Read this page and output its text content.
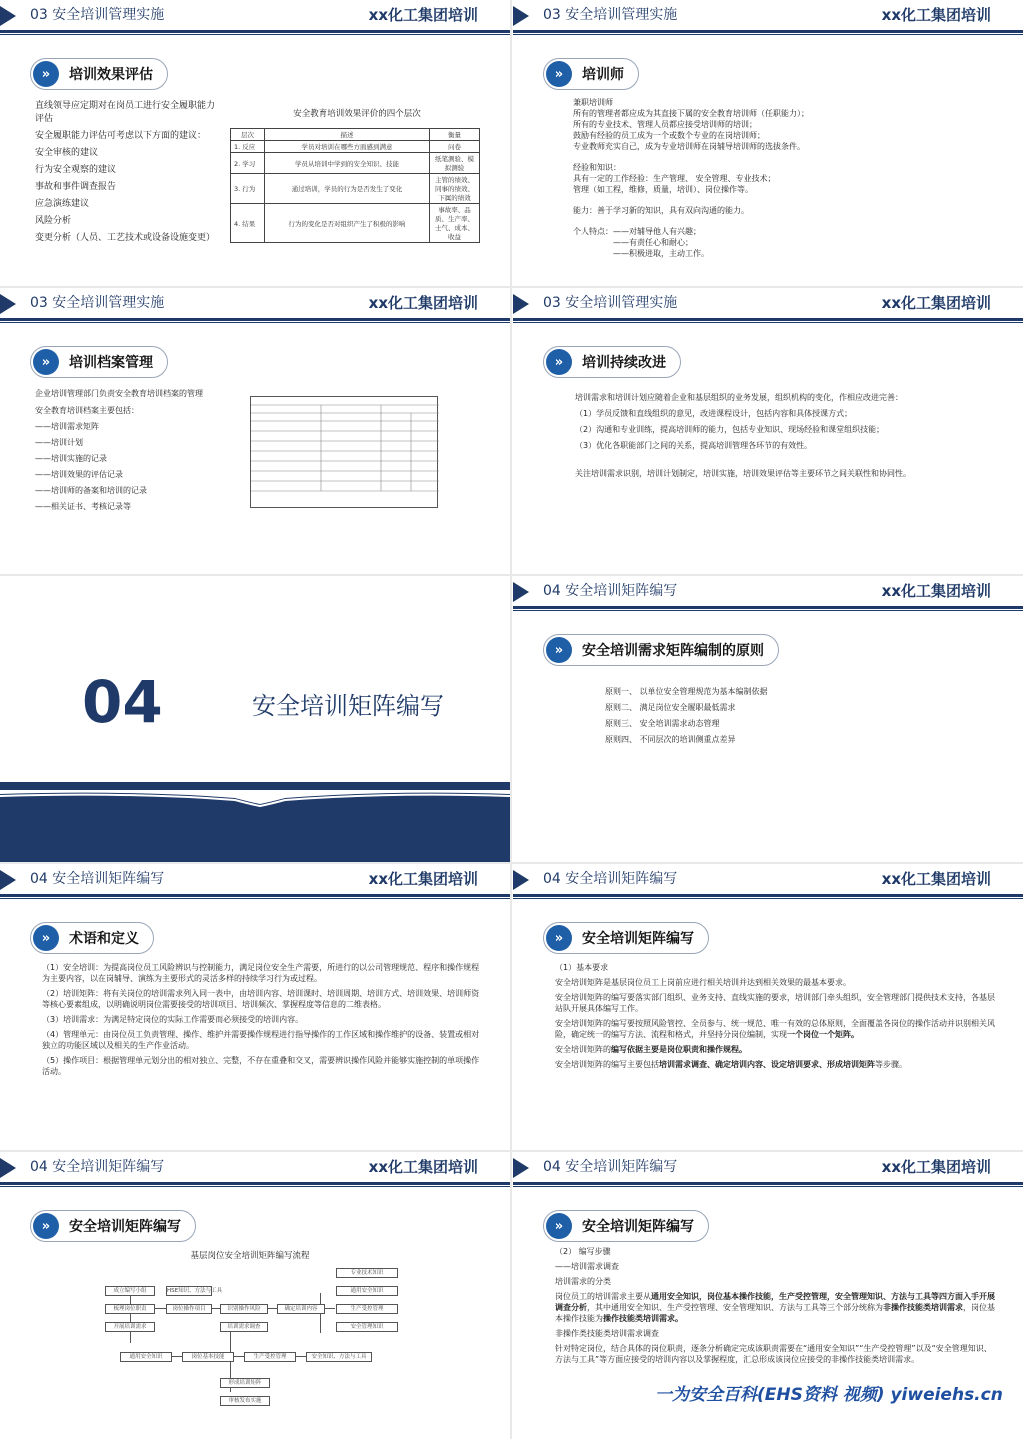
03 安全培训管理实施	xx化工集团培训
»	培训效果评估

直线领导应定期对在岗员工进行安全履职能力评估

安全履职能力评估可考虑以下方面的建议：

安全审核的建议

行为安全观察的建议

事故和事件调查报告

应急演练建议

风险分析

变更分析（人员、工艺技术或设备设施变更）

安全教育培训效果评价的四个层次
层次	描述	衡量
1. 反应	学员对培训在哪些方面感到满意	问卷
2. 学习	学员从培训中学到的安全知识、技能	纸笔测验、模拟测验
3. 行为	通过培训，学员的行为是否发生了变化	主管的绩效、同事的绩效、下属的绩效
4. 结果	行为的变化是否对组织产生了积极的影响	事故率、品质、生产率、士气、成本、收益
03 安全培训管理实施	xx化工集团培训
»	培训师
兼职培训师
所有的管理者都应成为其直接下属的安全教育培训师（任职能力）；
所有的专业技术、管理人员都应接受培训师的培训；
鼓励有经验的员工成为一个或数个专业的在岗培训师；
专业教师充实自己，成为专业培训师在岗辅导培训师的选拔条件。
经验和知识：
具有一定的工作经验：生产管理、 安全管理、专业技术；
管理（如工程，维修，质量，培训）、岗位操作等。
能力：善于学习新的知识，具有双向沟通的能力。
个人特点： ——对辅导他人有兴趣；
——有责任心和耐心；
——积极进取，主动工作。
03 安全培训管理实施	xx化工集团培训
»	培训档案管理
企业培训管理部门负责安全教育培训档案的管理
安全教育培训档案主要包括：
——培训需求矩阵
——培训计划
——培训实施的记录
——培训效果的评估记录
——培训师的备案和培训的记录
——相关证书、考核记录等
03 安全培训管理实施	xx化工集团培训
»	培训持续改进
培训需求和培训计划应随着企业和基层组织的业务发展，组织机构的变化，作相应改进完善：
（1）学员反馈和直线组织的意见，改进课程设计，包括内容和具体授课方式；
（2）沟通和专业训练，提高培训师的能力，包括专业知识、现场经验和课堂组织技能；
（3）优化各职能部门之间的关系，提高培训管理各环节的有效性。
关注培训需求识别，培训计划制定，培训实施，培训效果评估等主要环节之间关联性和协同性。
04	安全培训矩阵编写
04 安全培训矩阵编写	xx化工集团培训
»	安全培训需求矩阵编制的原则
原则一、 以单位安全管理规范为基本编制依据
原则二、 满足岗位安全履职最低需求
原则三、 安全培训需求动态管理
原则四、 不同层次的培训侧重点差异
04 安全培训矩阵编写	xx化工集团培训
»	术语和定义

（1）安全培训：为提高岗位员工风险辨识与控制能力，满足岗位安全生产需要，所进行的以公司管理规范、程序和操作规程为主要内容，以在岗辅导、演练为主要形式的灵活多样的持续学习行为或过程。

（2）培训矩阵：将有关岗位的培训需求列入同一表中，由培训内容、培训课时、培训周期、培训方式、培训效果、培训师资等核心要素组成，以明确说明岗位需要接受的培训项目、培训频次、掌握程度等信息的二维表格。

（3）培训需求：为满足特定岗位的实际工作需要而必须接受的培训内容。

（4）管理单元：由岗位员工负责管理、操作、维护并需要操作规程进行指导操作的工作区域和操作维护的设备、装置或相对独立的功能区域以及相关的生产作业活动。

（5）操作项目：根据管理单元划分出的相对独立、完整，不存在重叠和交叉，需要辨识操作风险并能够实施控制的单项操作活动。

04 安全培训矩阵编写	xx化工集团培训
»	安全培训矩阵编写

（1）基本要求

安全培训矩阵是基层岗位员工上岗前应进行相关培训并达到相关效果的最基本要求。

安全培训矩阵的编写要落实部门组织、业务支持、直线实施的要求，培训部门牵头组织，安全管理部门提供技术支持，各基层站队开展具体编写工作。

安全培训矩阵的编写要按照风险管控、全员参与、统一规范、唯一有效的总体原则，全面覆盖各岗位的操作活动并识别相关风险，确定统一的编写方法、流程和格式，并坚持分岗位编制，实现一个岗位一个矩阵。

安全培训矩阵的编写依据主要是岗位职责和操作规程。

安全培训矩阵的编写主要包括培训需求调查、确定培训内容、设定培训要求、形成培训矩阵等步骤。

04 安全培训矩阵编写	xx化工集团培训
»	安全培训矩阵编写
基层岗位安全培训矩阵编写流程
成立编写小组
梳理岗位职责
开展培训需求
岗位操作项目	识别操作风险	确定培训内容
通用安全知识
生产受控管理
安全管理知识
通用安全知识	岗位基本技能	生产受控管理	安全知识、方法与工具
形成培训矩阵
审核发布实施
培训需求调查
专业技术知识
HSE知识、方法与工具
04 安全培训矩阵编写	xx化工集团培训
»	安全培训矩阵编写

（2） 编写步骤

——培训需求调查

培训需求的分类

岗位员工的培训需求主要从通用安全知识，岗位基本操作技能，生产受控管理，安全管理知识、方法与工具等四方面入手开展调查分析，其中通用安全知识、生产受控管理、安全管理知识、方法与工具等三个部分统称为非操作技能类培训需求，岗位基本操作技能为操作技能类培训需求。

非操作类技能类培训需求调查

针对特定岗位，结合具体的岗位职责，逐条分析确定完成该职责需要在“通用安全知识”“生产受控管理”以及“安全管理知识、方法与工具”等方面应接受的培训内容以及掌握程度，汇总形成该岗位应接受的非操作技能类培训需求。

一为安全百科(EHS资料 视频) yiweiehs.cn
